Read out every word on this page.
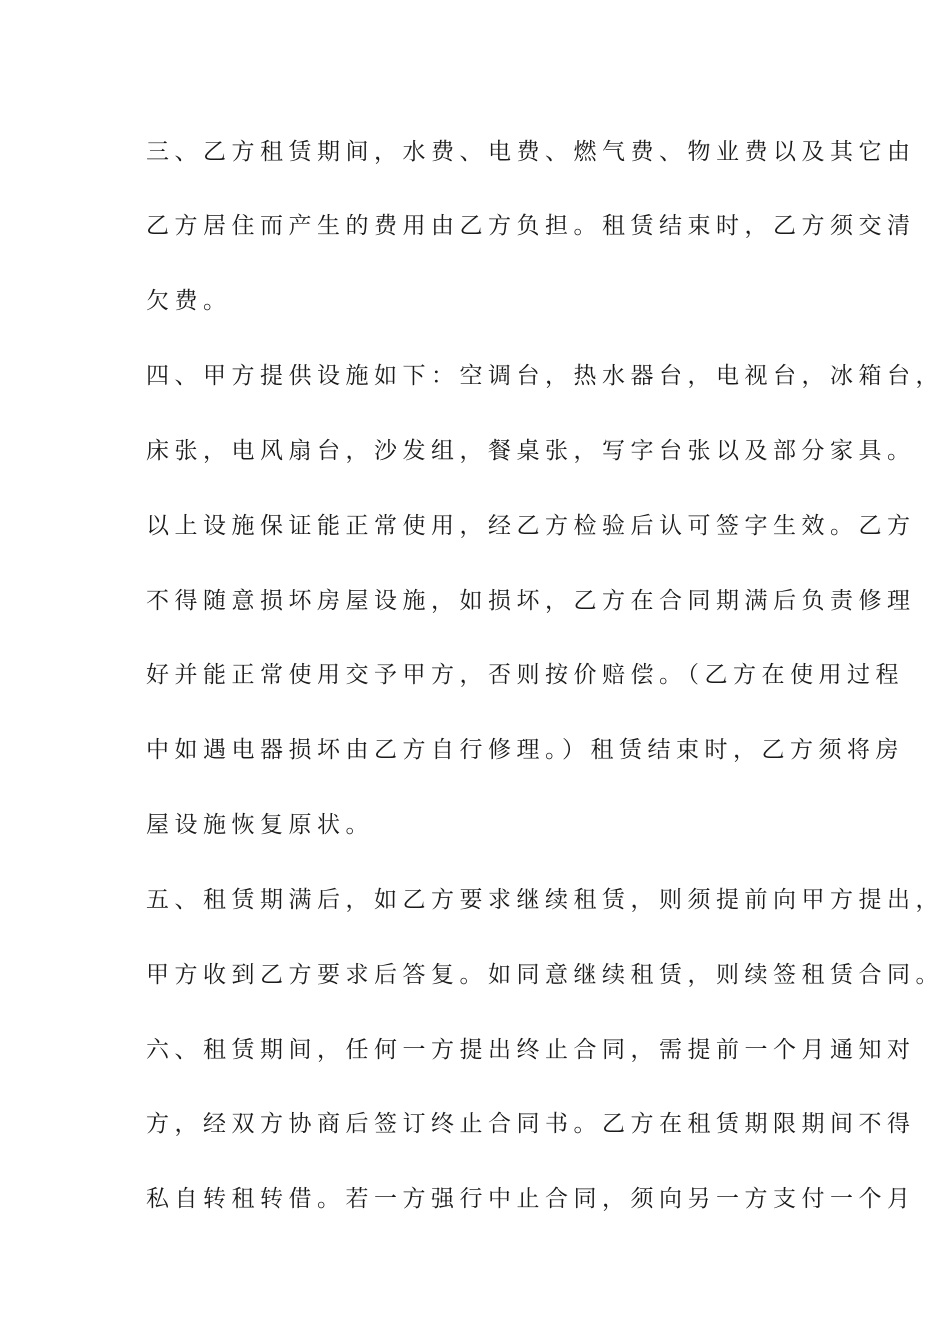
三、乙方租赁期间，水费、电费、燃气费、物业费以及其它由
乙方居住而产生的费用由乙方负担。租赁结束时，乙方须交清
欠费。
四、甲方提供设施如下：空调台，热水器台，电视台，冰箱台，
床张，电风扇台，沙发组，餐桌张，写字台张以及部分家具。
以上设施保证能正常使用，经乙方检验后认可签字生效。乙方
不得随意损坏房屋设施，如损坏，乙方在合同期满后负责修理
好并能正常使用交予甲方，否则按价赔偿。（乙方在使用过程
中如遇电器损坏由乙方自行修理。）租赁结束时，乙方须将房
屋设施恢复原状。
五、租赁期满后，如乙方要求继续租赁，则须提前向甲方提出，
甲方收到乙方要求后答复。如同意继续租赁，则续签租赁合同。
六、租赁期间，任何一方提出终止合同，需提前一个月通知对
方，经双方协商后签订终止合同书。乙方在租赁期限期间不得
私自转租转借。若一方强行中止合同，须向另一方支付一个月
